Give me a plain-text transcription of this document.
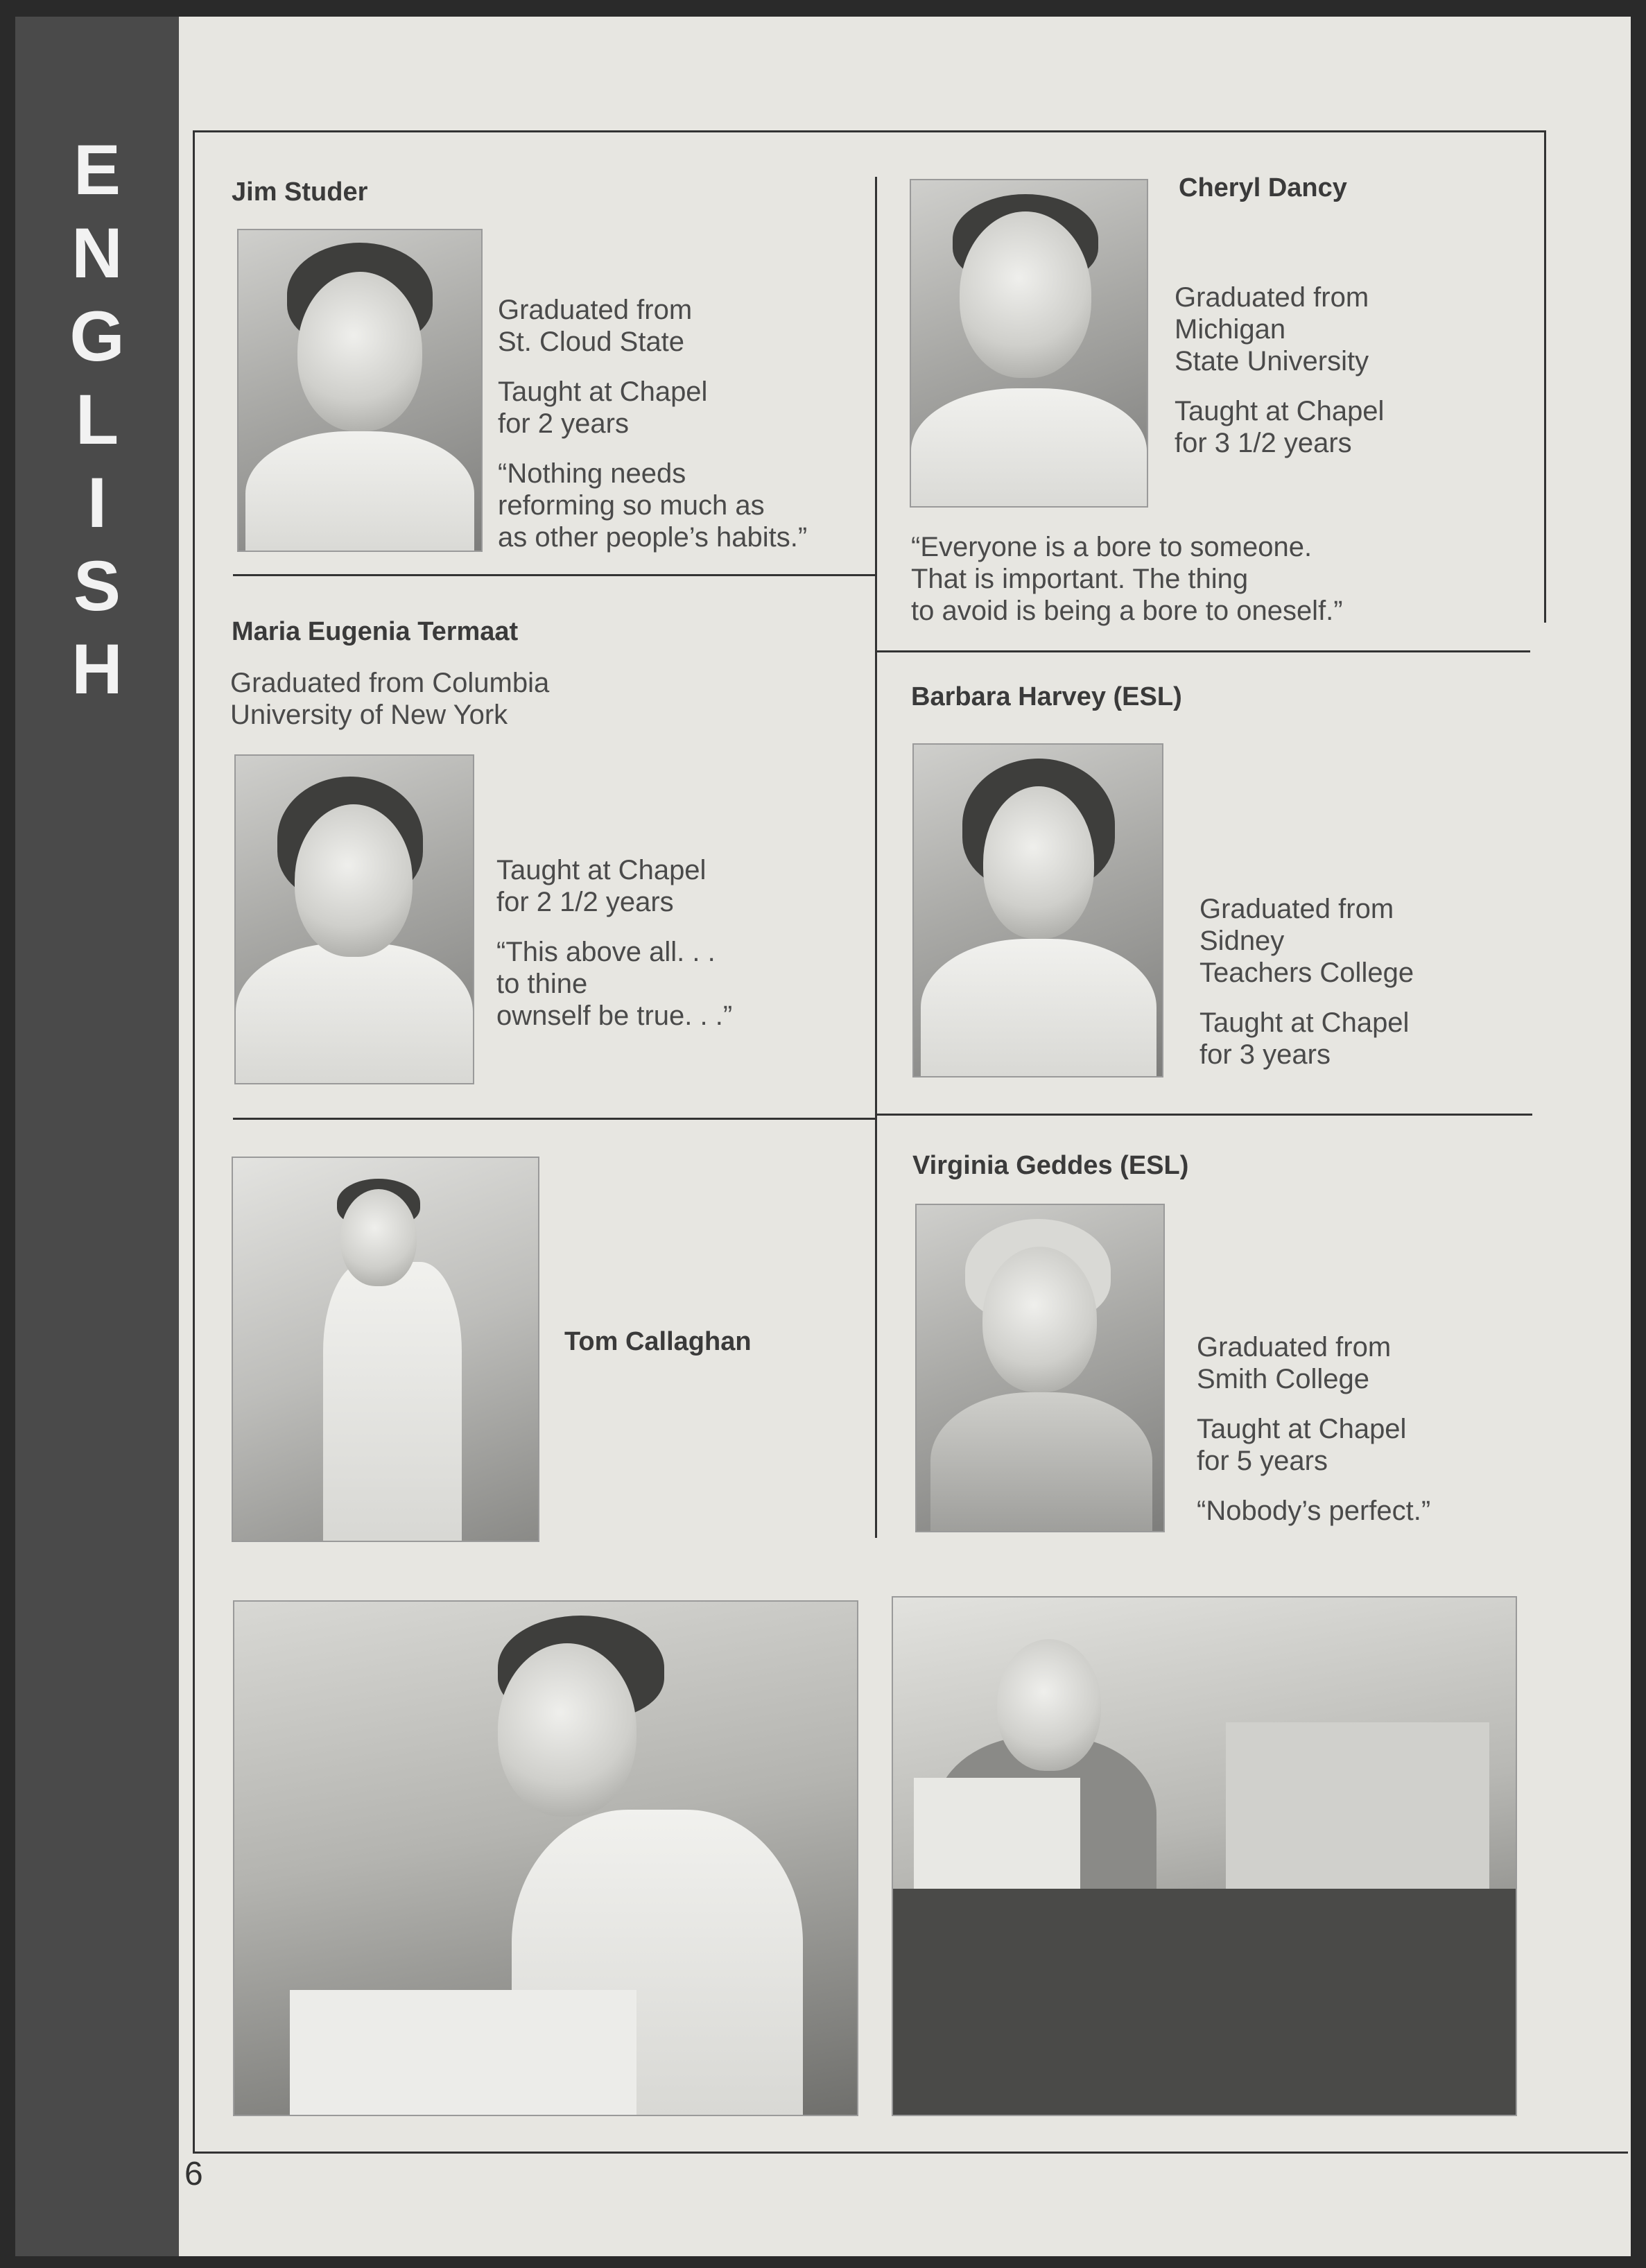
E
N
G
L
I
S
H
Jim Studer
Graduated from
St. Cloud State
Taught at Chapel
for 2 years
“Nothing needs
reforming so much as
as other people’s habits.”
Cheryl Dancy
Graduated from
Michigan
State University
Taught at Chapel
for 3 1/2 years
“Everyone is a bore to someone.
That is important. The thing
to avoid is being a bore to oneself.”
Maria Eugenia Termaat
Graduated from Columbia
University of New York
Taught at Chapel
for 2 1/2 years
“This above all. . .
to thine
ownself be true. . .”
Barbara Harvey (ESL)
Graduated from
Sidney
Teachers College
Taught at Chapel
for 3 years
Tom Callaghan
Virginia Geddes (ESL)
Graduated from
Smith College
Taught at Chapel
for 5 years
“Nobody’s perfect.”
6
